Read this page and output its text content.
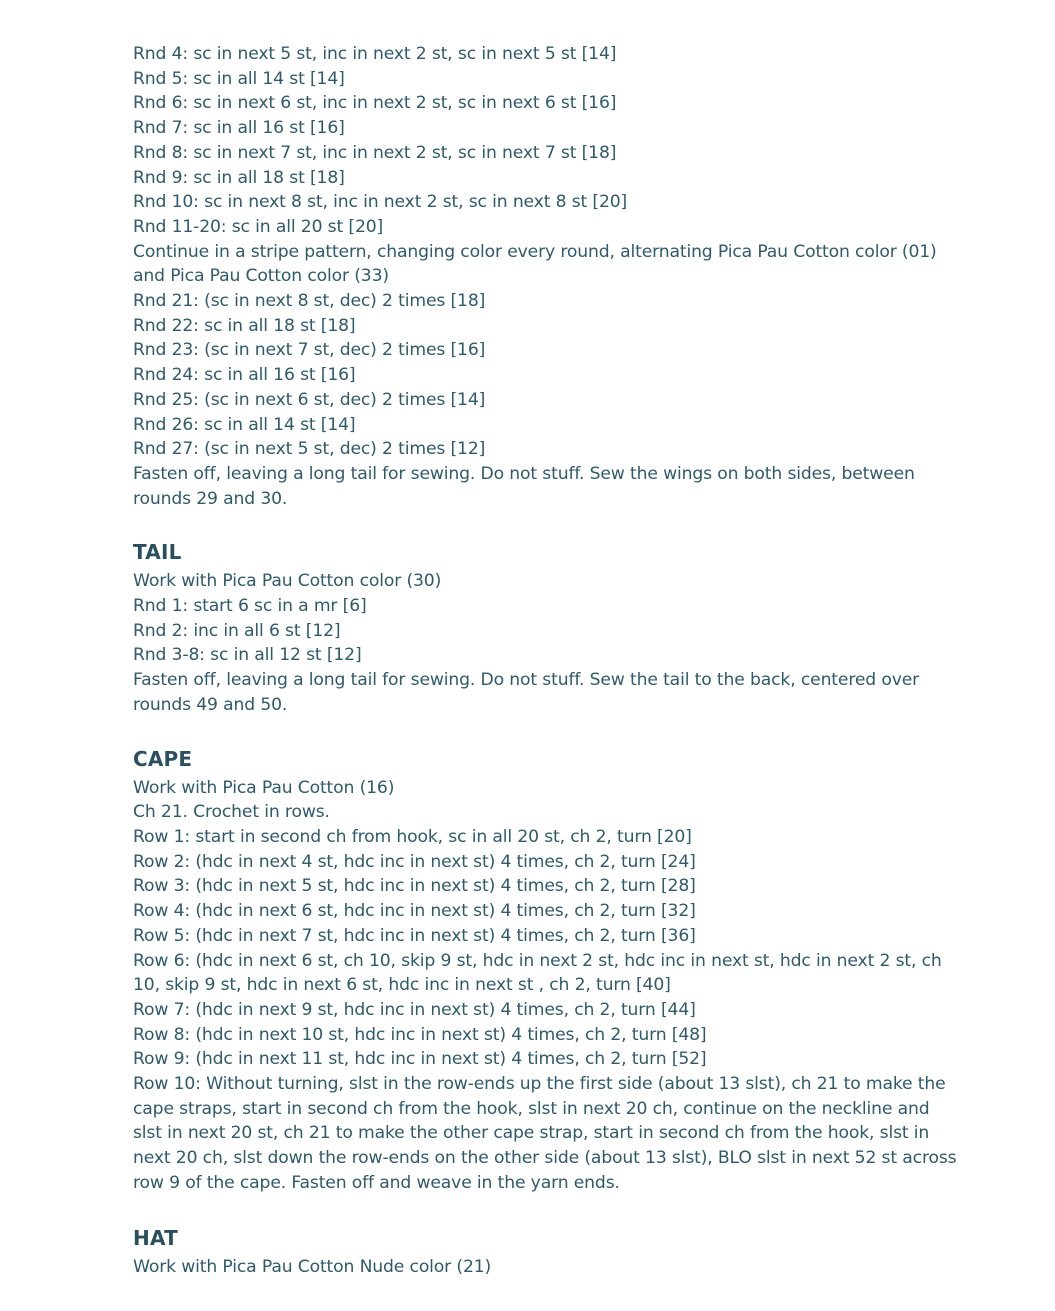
Rnd 4: sc in next 5 st, inc in next 2 st, sc in next 5 st [14]

Rnd 5: sc in all 14 st [14]

Rnd 6: sc in next 6 st, inc in next 2 st, sc in next 6 st [16]

Rnd 7: sc in all 16 st [16]

Rnd 8: sc in next 7 st, inc in next 2 st, sc in next 7 st [18]

Rnd 9: sc in all 18 st [18]

Rnd 10: sc in next 8 st, inc in next 2 st, sc in next 8 st [20]

Rnd 11-20: sc in all 20 st [20]

Continue in a stripe pattern, changing color every round, alternating Pica Pau Cotton color (01) and Pica Pau Cotton color (33)

Rnd 21: (sc in next 8 st, dec) 2 times [18]

Rnd 22: sc in all 18 st [18]

Rnd 23: (sc in next 7 st, dec) 2 times [16]

Rnd 24: sc in all 16 st [16]

Rnd 25: (sc in next 6 st, dec) 2 times [14]

Rnd 26: sc in all 14 st [14]

Rnd 27: (sc in next 5 st, dec) 2 times [12]

Fasten off, leaving a long tail for sewing. Do not stuff. Sew the wings on both sides, between rounds 29 and 30.

TAIL

Work with Pica Pau Cotton color (30)

Rnd 1: start 6 sc in a mr [6]

Rnd 2: inc in all 6 st [12]

Rnd 3-8: sc in all 12 st [12]

Fasten off, leaving a long tail for sewing. Do not stuff. Sew the tail to the back, centered over rounds 49 and 50.

CAPE

Work with Pica Pau Cotton (16)

Ch 21. Crochet in rows.

Row 1: start in second ch from hook, sc in all 20 st, ch 2, turn [20]

Row 2: (hdc in next 4 st, hdc inc in next st) 4 times, ch 2, turn [24]

Row 3: (hdc in next 5 st, hdc inc in next st) 4 times, ch 2, turn [28]

Row 4: (hdc in next 6 st, hdc inc in next st) 4 times, ch 2, turn [32]

Row 5: (hdc in next 7 st, hdc inc in next st) 4 times, ch 2, turn [36]

Row 6: (hdc in next 6 st, ch 10, skip 9 st, hdc in next 2 st, hdc inc in next st, hdc in next 2 st, ch 10, skip 9 st, hdc in next 6 st, hdc inc in next st , ch 2, turn [40]

Row 7: (hdc in next 9 st, hdc inc in next st) 4 times, ch 2, turn [44]

Row 8: (hdc in next 10 st, hdc inc in next st) 4 times, ch 2, turn [48]

Row 9: (hdc in next 11 st, hdc inc in next st) 4 times, ch 2, turn [52]

Row 10: Without turning, slst in the row-ends up the first side (about 13 slst), ch 21 to make the cape straps, start in second ch from the hook, slst in next 20 ch, continue on the neckline and slst in next 20 st, ch 21 to make the other cape strap, start in second ch from the hook, slst in next 20 ch, slst down the row-ends on the other side (about 13 slst), BLO slst in next 52 st across row 9 of the cape. Fasten off and weave in the yarn ends.

HAT

Work with Pica Pau Cotton Nude color (21)
